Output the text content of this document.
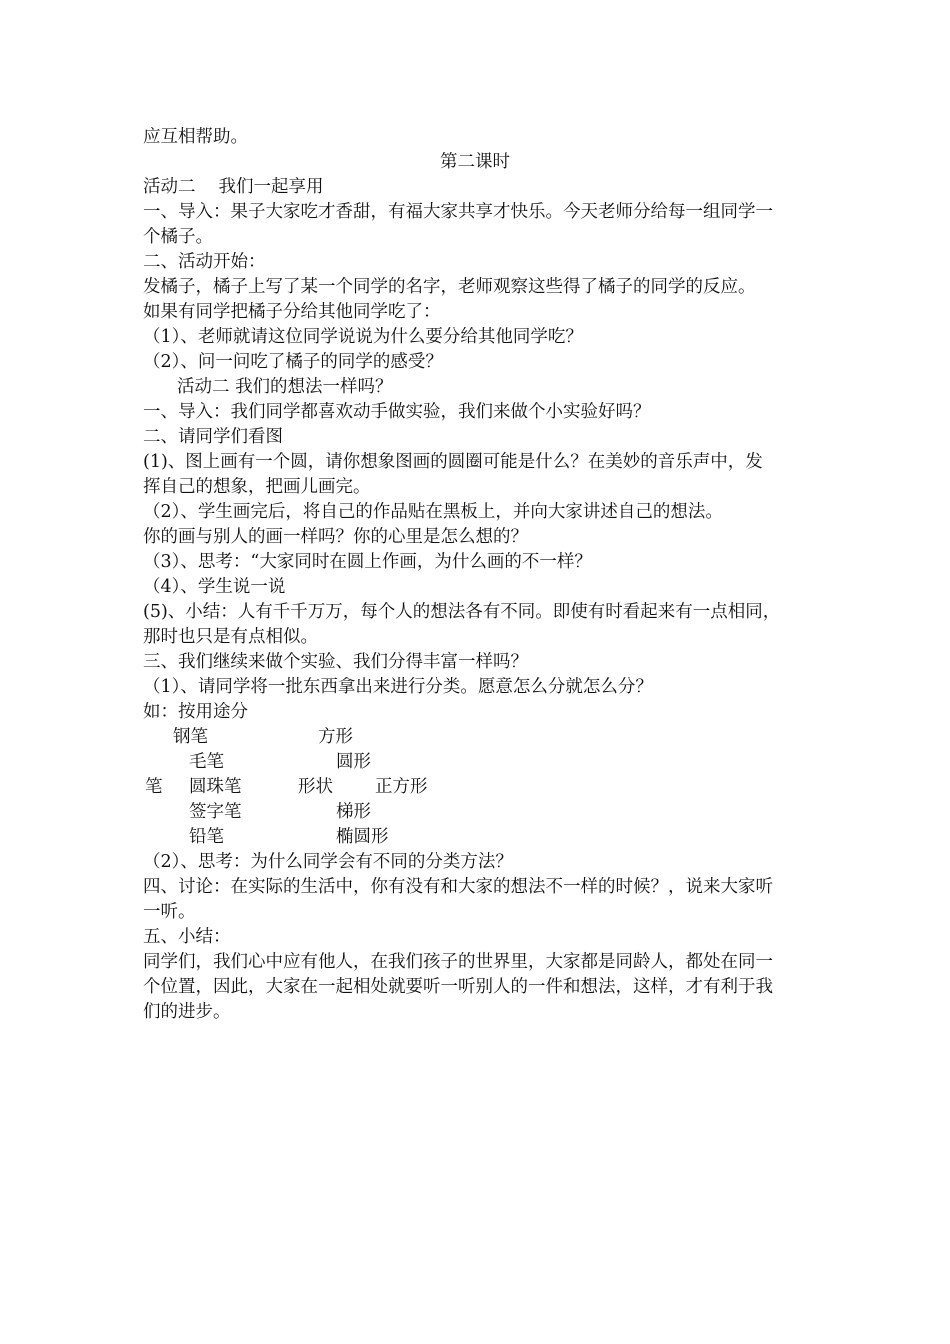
应互相帮助。

第二课时

活动二　 我们一起享用

一、导入：果子大家吃才香甜，有福大家共享才快乐。今天老师分给每一组同学一

个橘子。

二、活动开始：

发橘子，橘子上写了某一个同学的名字，老师观察这些得了橘子的同学的反应。

如果有同学把橘子分给其他同学吃了：

（1）、老师就请这位同学说说为什么要分给其他同学吃？

（2）、问一问吃了橘子的同学的感受？

活动二 我们的想法一样吗？

一、导入：我们同学都喜欢动手做实验，我们来做个小实验好吗？

二、请同学们看图

(1)、图上画有一个圆，请你想象图画的圆圈可能是什么？在美妙的音乐声中，发

挥自己的想象，把画儿画完。

（2）、学生画完后，将自己的作品贴在黑板上，并向大家讲述自己的想法。

你的画与别人的画一样吗？你的心里是怎么想的？

（3）、思考：“大家同时在圆上作画，为什么画的不一样？

（4）、学生说一说

(5)、小结：人有千千万万，每个人的想法各有不同。即使有时看起来有一点相同，

那时也只是有点相似。

三、我们继续来做个实验、我们分得丰富一样吗？

（1）、请同学将一批东西拿出来进行分类。愿意怎么分就怎么分？

如：按用途分

钢笔	方形
毛笔	圆形
笔 圆珠笔	形状 正方形
签字笔	梯形
铅笔	椭圆形

（2）、思考：为什么同学会有不同的分类方法？

四、讨论：在实际的生活中，你有没有和大家的想法不一样的时候？，说来大家听

一听。

五、小结：

同学们，我们心中应有他人，在我们孩子的世界里，大家都是同龄人，都处在同一

个位置，因此，大家在一起相处就要听一听别人的一件和想法，这样，才有利于我

们的进步。
